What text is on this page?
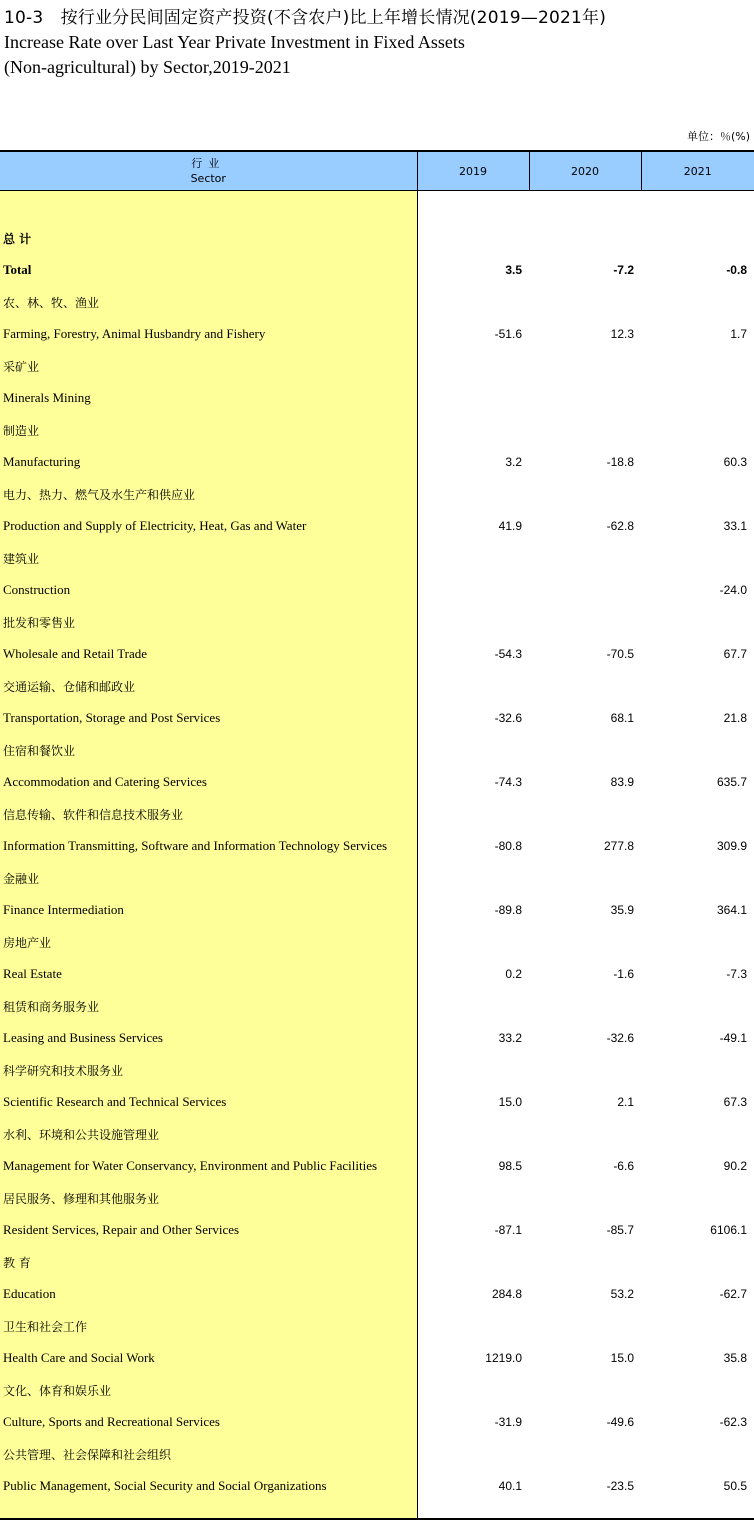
10-3　按行业分民间固定资产投资(不含农户)比上年增长情况(2019—2021年)
Increase Rate over Last Year Private Investment in Fixed Assets
(Non-agricultural) by Sector,2019-2021
单位：％(%)
行业
Sector	2019	2020	2021

总 计			
Total	3.5	-7.2	-0.8
农、林、牧、渔业			
Farming, Forestry, Animal Husbandry and Fishery	-51.6	12.3	1.7
采矿业			
Minerals Mining			
制造业			
Manufacturing	3.2	-18.8	60.3
电力、热力、燃气及水生产和供应业			
Production and Supply of Electricity, Heat, Gas and Water	41.9	-62.8	33.1
建筑业			
Construction			-24.0
批发和零售业			
Wholesale and Retail Trade	-54.3	-70.5	67.7
交通运输、仓储和邮政业			
Transportation, Storage and Post Services	-32.6	68.1	21.8
住宿和餐饮业			
Accommodation and Catering Services	-74.3	83.9	635.7
信息传输、软件和信息技术服务业			
Information Transmitting, Software and Information Technology Services	-80.8	277.8	309.9
金融业			
Finance Intermediation	-89.8	35.9	364.1
房地产业			
Real Estate	0.2	-1.6	-7.3
租赁和商务服务业			
Leasing and Business Services	33.2	-32.6	-49.1
科学研究和技术服务业			
Scientific Research and Technical Services	15.0	2.1	67.3
水利、环境和公共设施管理业			
Management for Water Conservancy, Environment and Public Facilities	98.5	-6.6	90.2
居民服务、修理和其他服务业			
Resident Services, Repair and Other Services	-87.1	-85.7	6106.1
教 育			
Education	284.8	53.2	-62.7
卫生和社会工作			
Health Care and Social Work	1219.0	15.0	35.8
文化、体育和娱乐业			
Culture, Sports and Recreational Services	-31.9	-49.6	-62.3
公共管理、社会保障和社会组织			
Public Management, Social Security and Social Organizations	40.1	-23.5	50.5
